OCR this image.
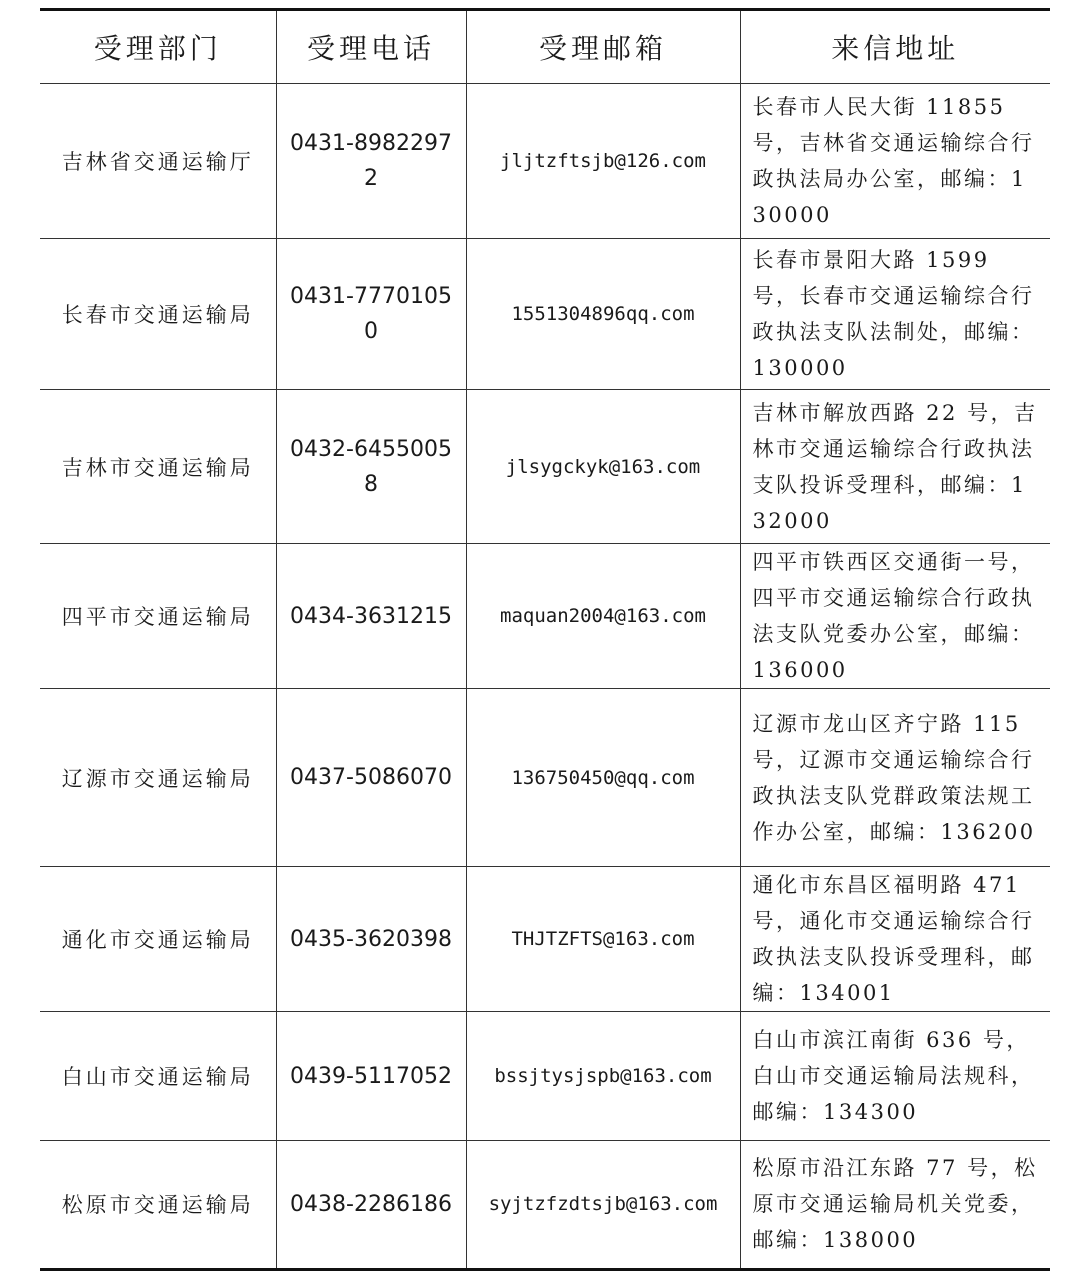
受理部门	受理电话	受理邮箱	来信地址
吉林省交通运输厅	0431-89822972	jljtzftsjb@126.com	长春市人民大街 11855 号，吉林省交通运输综合行政执法局办公室，邮编：130000
长春市交通运输局	0431-77701050	1551304896qq.com	长春市景阳大路 1599 号，长春市交通运输综合行政执法支队法制处，邮编：130000
吉林市交通运输局	0432-64550058	jlsygckyk@163.com	吉林市解放西路 22 号，吉林市交通运输综合行政执法支队投诉受理科，邮编：132000
四平市交通运输局	0434-3631215	maquan2004@163.com	四平市铁西区交通街一号，四平市交通运输综合行政执法支队党委办公室，邮编：136000
辽源市交通运输局	0437-5086070	136750450@qq.com	辽源市龙山区齐宁路 115 号，辽源市交通运输综合行政执法支队党群政策法规工作办公室，邮编：136200
通化市交通运输局	0435-3620398	THJTZFTS@163.com	通化市东昌区福明路 471 号，通化市交通运输综合行政执法支队投诉受理科，邮编：134001
白山市交通运输局	0439-5117052	bssjtysjspb@163.com	白山市滨江南街 636 号，白山市交通运输局法规科，邮编：134300
松原市交通运输局	0438-2286186	syjtzfzdtsjb@163.com	松原市沿江东路 77 号，松原市交通运输局机关党委，邮编：138000
